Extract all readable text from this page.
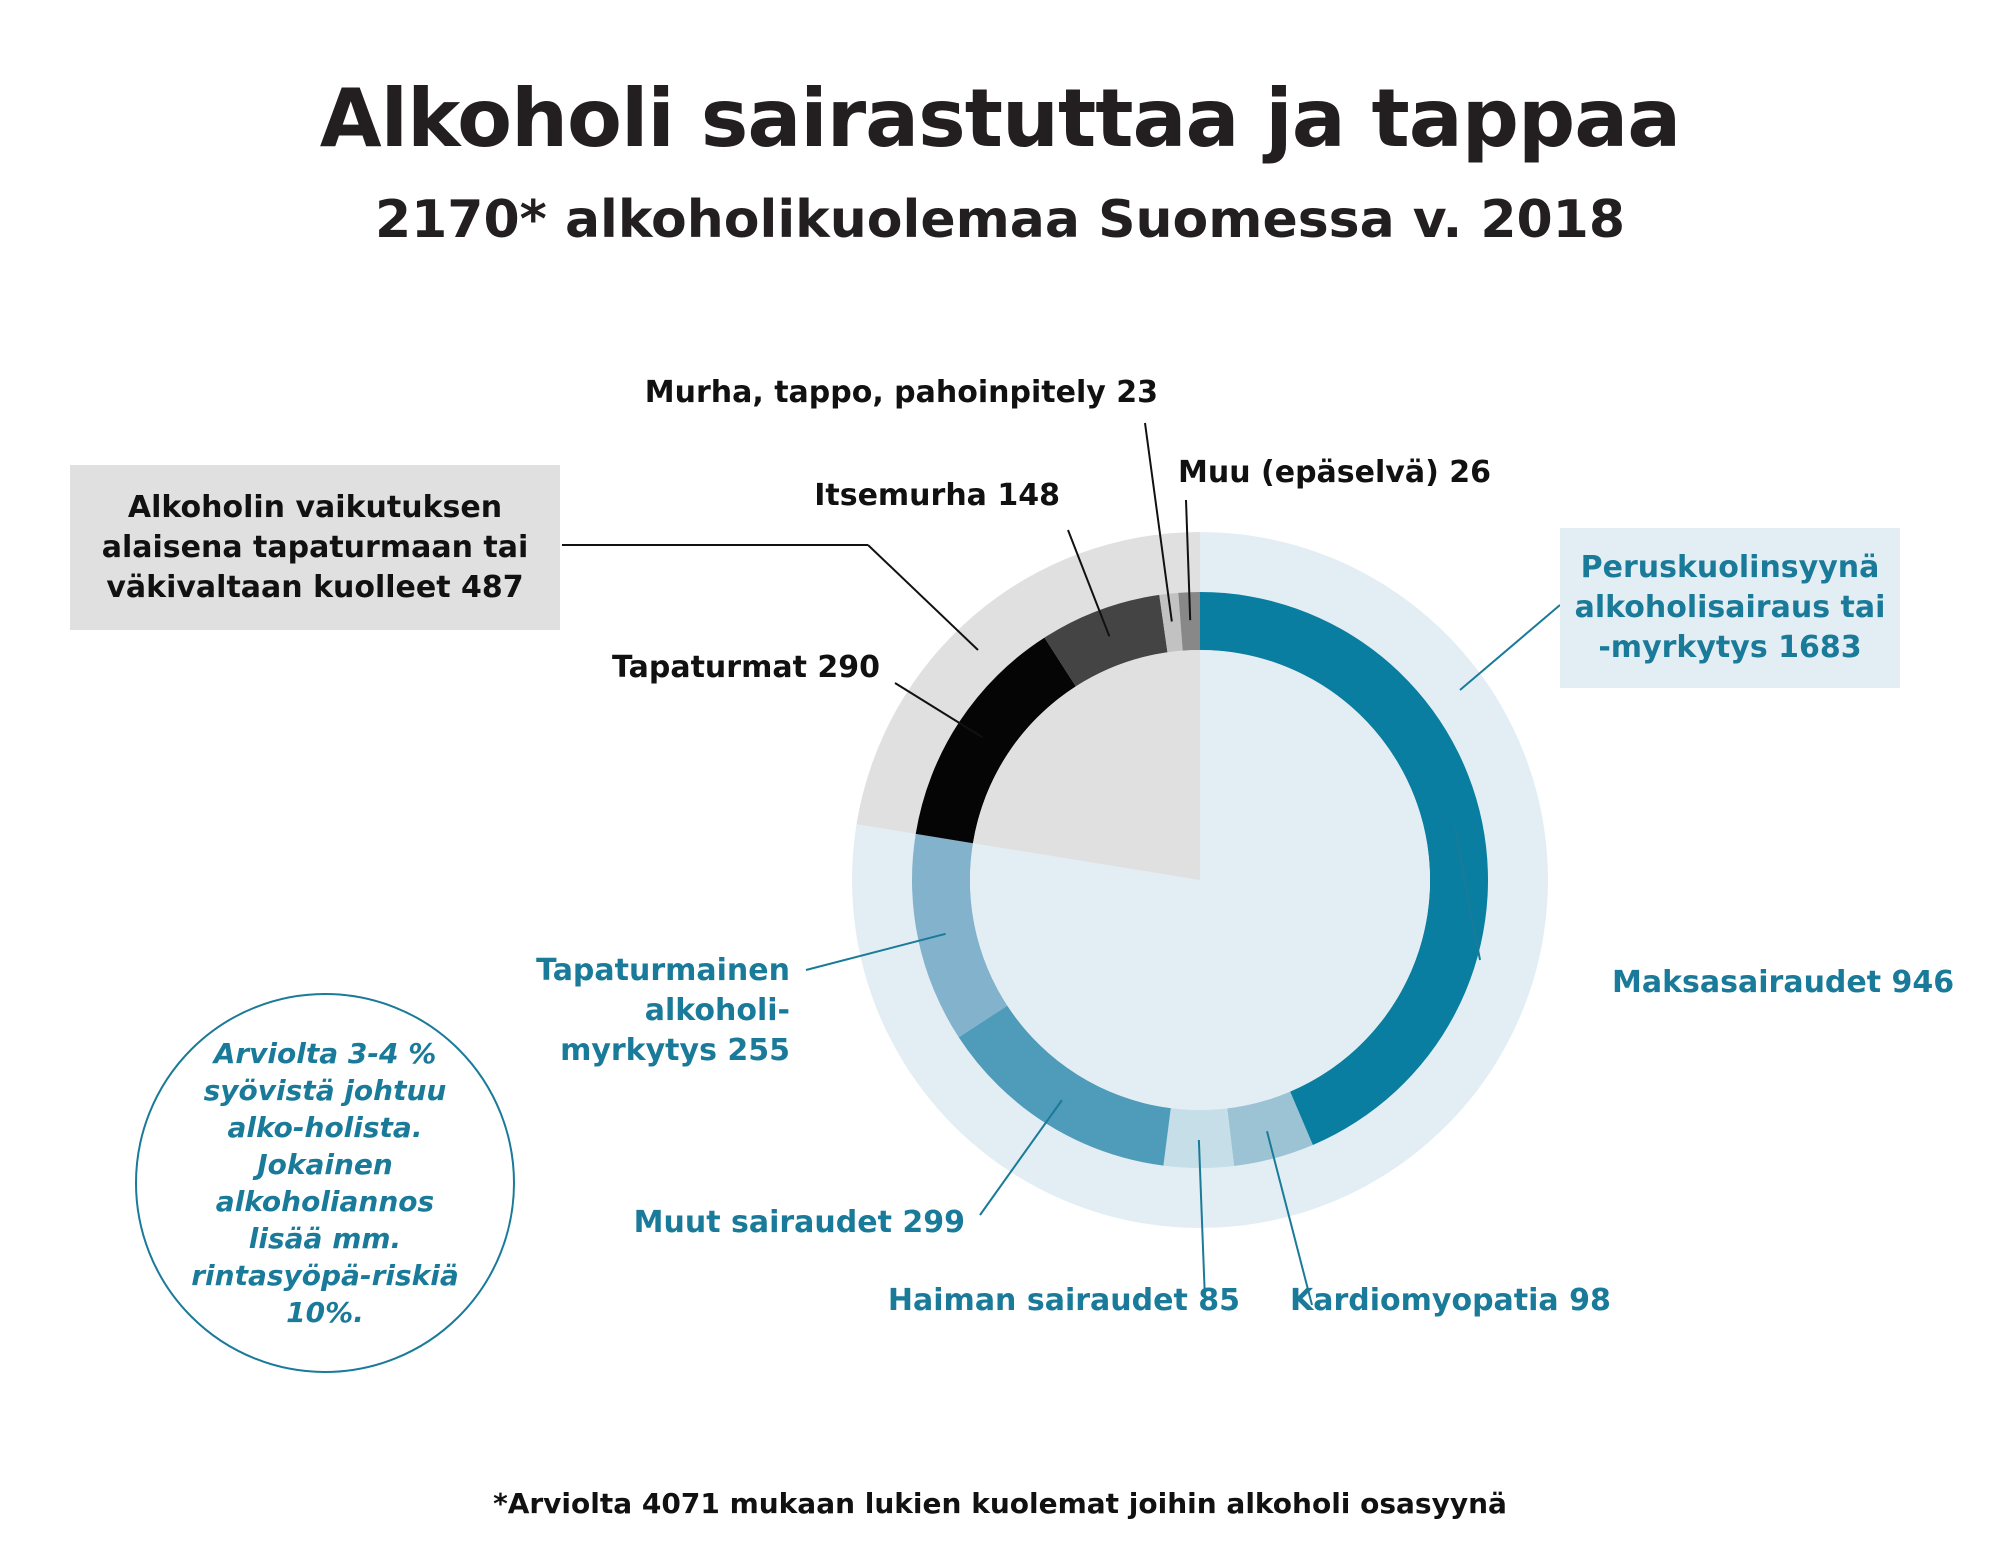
Alkoholi sairastuttaa ja tappaa
2170* alkoholikuolemaa Suomessa v. 2018
Maksasairaudet 946
Kardiomyopatia 98
Haiman sairaudet 85
Muut sairaudet 299
Tapaturmainen
alkoholi-
myrkytys 255
Tapaturmat 290
Itsemurha 148
Murha, tappo, pahoinpitely 23
Muu (epäselvä) 26
Alkoholin vaikutuksen alaisena tapaturmaan tai väkivaltaan kuolleet 487
Peruskuolinsyynä alkoholisairaus tai -myrkytys 1683
Arviolta 3-4 % syövistä johtuu alko-holista. Jokainen alkoholiannos lisää mm. rintasyöpä-riskiä 10%.
*Arviolta 4071 mukaan lukien kuolemat joihin alkoholi osasyynä
